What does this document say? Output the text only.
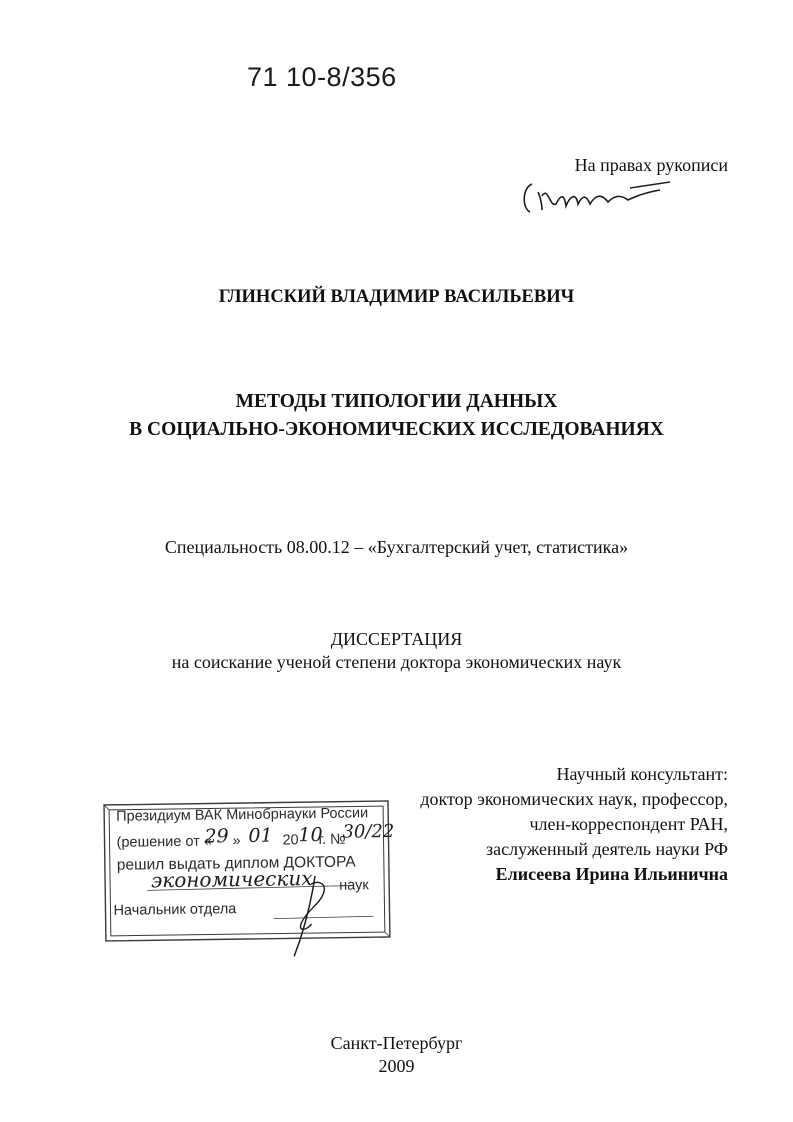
71 10-8/356
На правах рукописи
ГЛИНСКИЙ ВЛАДИМИР ВАСИЛЬЕВИЧ
МЕТОДЫ ТИПОЛОГИИ ДАННЫХ
В СОЦИАЛЬНО-ЭКОНОМИЧЕСКИХ ИССЛЕДОВАНИЯХ
Специальность 08.00.12 – «Бухгалтерский учет, статистика»
ДИССЕРТАЦИЯ
на соискание ученой степени доктора экономических наук
Научный консультант:
доктор экономических наук, профессор,
член-корреспондент РАН,
заслуженный деятель науки РФ
Елисеева Ирина Ильинична
Президиум ВАК Минобрнауки России
(решение от «
29 » 01 20 10
г. №
30/22
решил выдать диплом ДОКТОРА
экономических наук
Начальник отдела
Санкт-Петербург
2009
